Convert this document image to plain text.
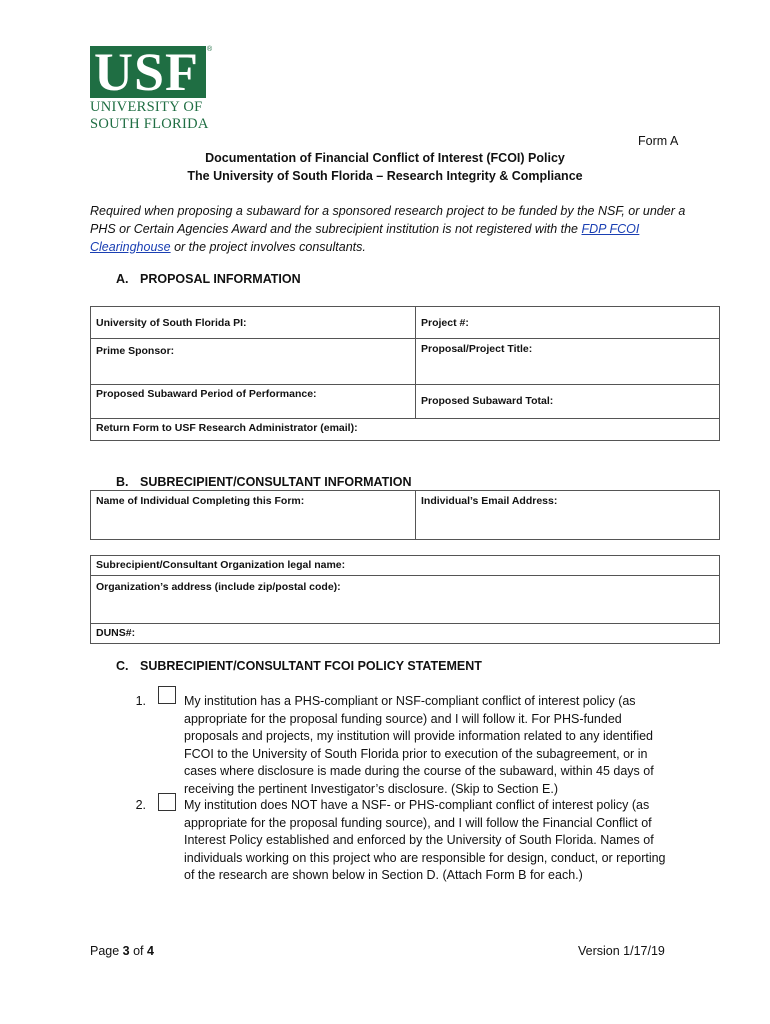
USF ®
UNIVERSITY OF
SOUTH FLORIDA
Form A
Documentation of Financial Conflict of Interest (FCOI) Policy
The University of South Florida – Research Integrity & Compliance
Required when proposing a subaward for a sponsored research project to be funded by the NSF, or under a PHS or Certain Agencies Award and the subrecipient institution is not registered with the FDP FCOI Clearinghouse or the project involves consultants.
A. PROPOSAL INFORMATION
University of South Florida PI:	Project #:
Prime Sponsor:	Proposal/Project Title:
Proposed Subaward Period of Performance:	Proposed Subaward Total:
Return Form to USF Research Administrator (email):	
B. SUBRECIPIENT/CONSULTANT INFORMATION
Name of Individual Completing this Form:	Individual’s Email Address:
Subrecipient/Consultant Organization legal name:
Organization’s address (include zip/postal code):
DUNS#:
C. SUBRECIPIENT/CONSULTANT FCOI POLICY STATEMENT
1.	My institution has a PHS-compliant or NSF-compliant conflict of interest policy (as appropriate for the proposal funding source) and I will follow it. For PHS-funded proposals and projects, my institution will provide information related to any identified FCOI to the University of South Florida prior to execution of the subagreement, or in cases where disclosure is made during the course of the subaward, within 45 days of receiving the pertinent Investigator’s disclosure. (Skip to Section E.)
2.	My institution does NOT have a NSF- or PHS-compliant conflict of interest policy (as appropriate for the proposal funding source), and I will follow the Financial Conflict of Interest Policy established and enforced by the University of South Florida. Names of individuals working on this project who are responsible for design, conduct, or reporting of the research are shown below in Section D. (Attach Form B for each.)
Page 3 of 4	Version 1/17/19
